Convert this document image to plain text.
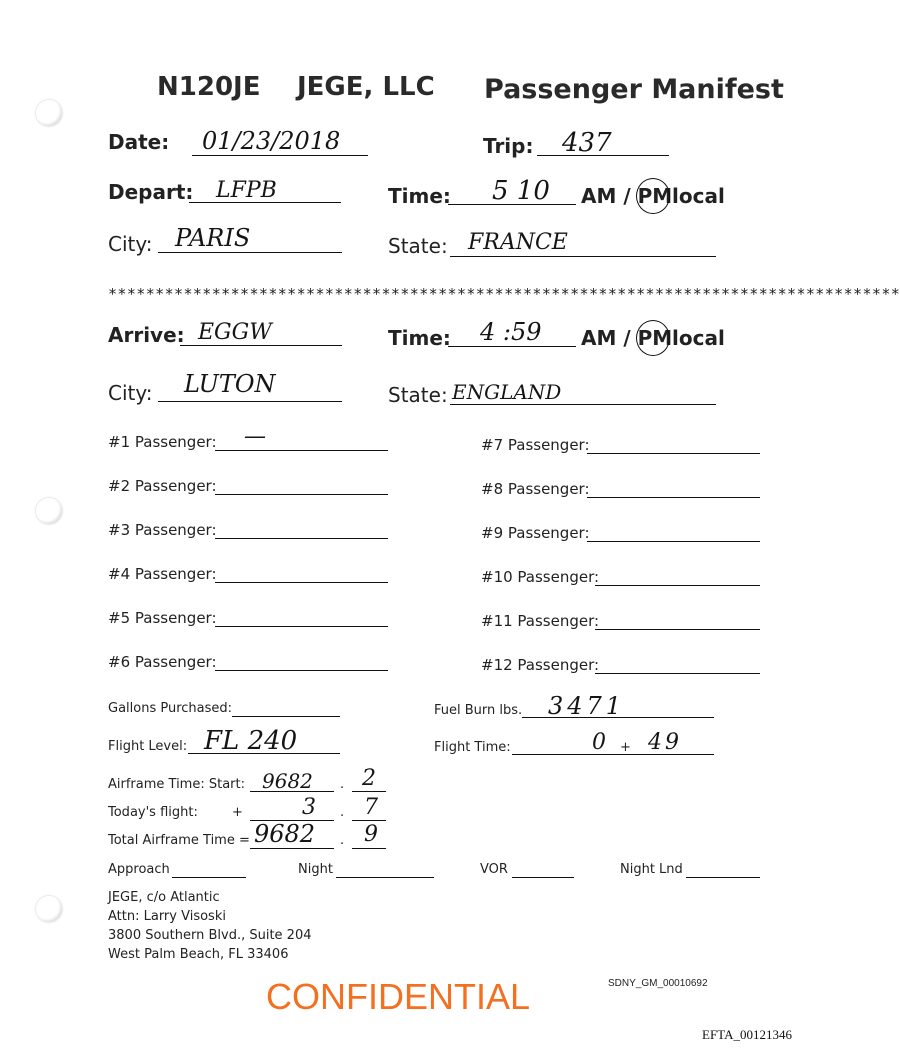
N120JE JEGE, LLC Passenger Manifest
Date: 01/23/2018	Trip: 437
Depart: LFPB	Time: 5 10 AM / PM local
City: PARIS	State: FRANCE
************************************************************************************
Arrive: EGGW	Time: 4 :59 AM / PM local
City: LUTON	State: ENGLAND
#1 Passenger: —
#2 Passenger:
#3 Passenger:
#4 Passenger:
#5 Passenger:
#6 Passenger:
#7 Passenger:
#8 Passenger:
#9 Passenger:
#10 Passenger:
#11 Passenger:
#12 Passenger:
Gallons Purchased:	Fuel Burn lbs. 3471
Flight Level: FL 240	Flight Time:	0 + 49
Airframe Time: Start: 9682 . 2
Today's flight:	+	3 . 7
Total Airframe Time = 9682 . 9
Approach	Night	VOR	Night Lnd
JEGE, c/o Atlantic
Attn: Larry Visoski
3800 Southern Blvd., Suite 204
West Palm Beach, FL 33406
CONFIDENTIAL	SDNY_GM_00010692
EFTA_00121346
